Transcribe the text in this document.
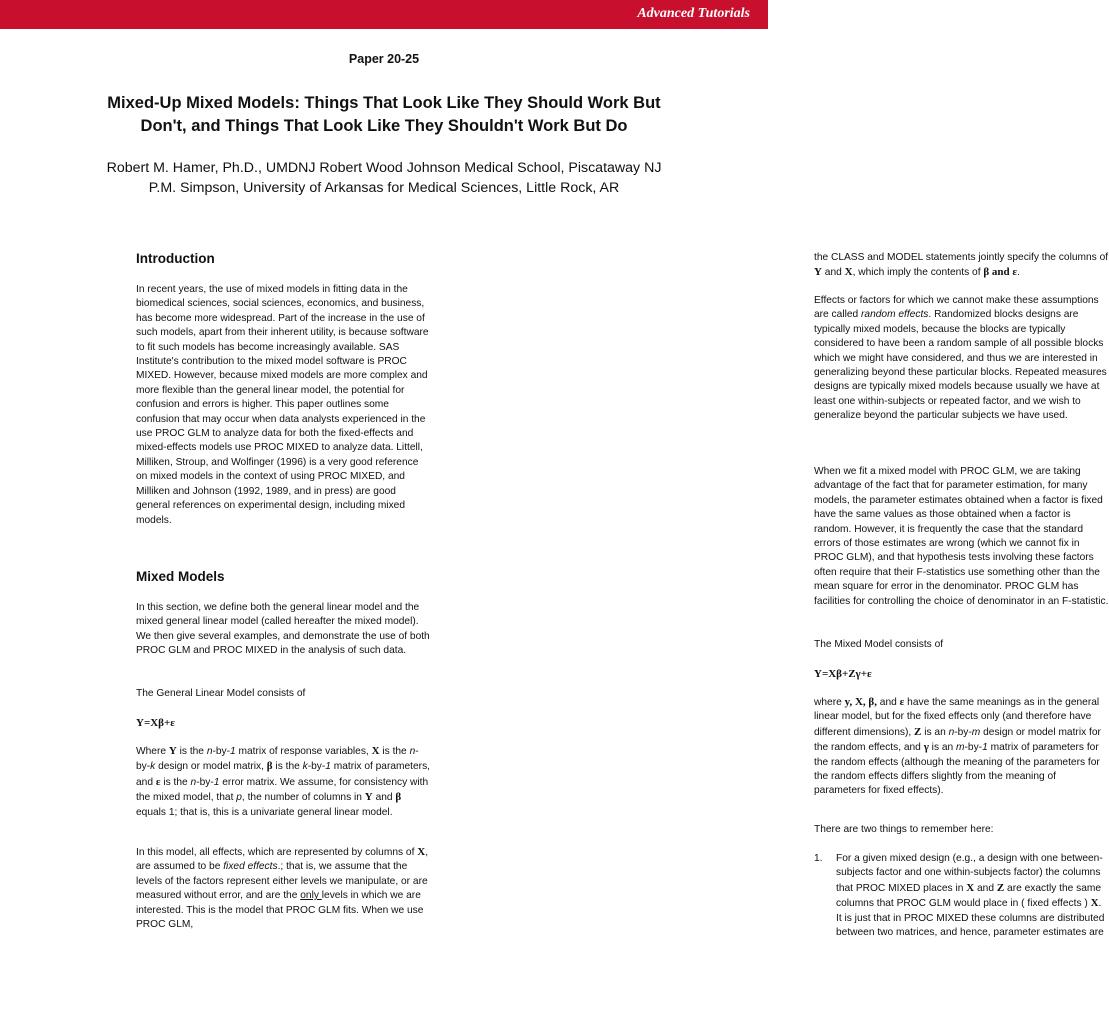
Advanced Tutorials
Paper 20-25
Mixed-Up Mixed Models: Things That Look Like They Should Work But
Don't, and Things That Look Like They Shouldn't Work But Do
Robert M. Hamer, Ph.D., UMDNJ Robert Wood Johnson Medical School, Piscataway NJ
P.M. Simpson, University of Arkansas for Medical Sciences, Little Rock, AR
Introduction

In recent years, the use of mixed models in fitting data in the biomedical sciences, social sciences, economics, and business, has become more widespread. Part of the increase in the use of such models, apart from their inherent utility, is because software to fit such models has become increasingly available. SAS Institute's contribution to the mixed model software is PROC MIXED. However, because mixed models are more complex and more flexible than the general linear model, the potential for confusion and errors is higher. This paper outlines some confusion that may occur when data analysts experienced in the use PROC GLM to analyze data for both the fixed-effects and mixed-effects models use PROC MIXED to analyze data. Littell, Milliken, Stroup, and Wolfinger (1996) is a very good reference on mixed models in the context of using PROC MIXED, and Milliken and Johnson (1992, 1989, and in press) are good general references on experimental design, including mixed models.

Mixed Models

In this section, we define both the general linear model and the mixed general linear model (called hereafter the mixed model). We then give several examples, and demonstrate the use of both PROC GLM and PROC MIXED in the analysis of such data.

The General Linear Model consists of

Y=Xβ+ε

Where Y is the n-by-1 matrix of response variables, X is the n-by-k design or model matrix, β is the k-by-1 matrix of parameters, and ε is the n-by-1 error matrix. We assume, for consistency with the mixed model, that p, the number of columns in Y and β equals 1; that is, this is a univariate general linear model.

In this model, all effects, which are represented by columns of X, are assumed to be fixed effects.; that is, we assume that the levels of the factors represent either levels we manipulate, or are measured without error, and are the only levels in which we are interested. This is the model that PROC GLM fits. When we use PROC GLM,

the CLASS and MODEL statements jointly specify the columns of Y and X, which imply the contents of β and ε.

Effects or factors for which we cannot make these assumptions are called random effects. Randomized blocks designs are typically mixed models, because the blocks are typically considered to have been a random sample of all possible blocks which we might have considered, and thus we are interested in generalizing beyond these particular blocks. Repeated measures designs are typically mixed models because usually we have at least one within-subjects or repeated factor, and we wish to generalize beyond the particular subjects we have used.

When we fit a mixed model with PROC GLM, we are taking advantage of the fact that for parameter estimation, for many models, the parameter estimates obtained when a factor is fixed have the same values as those obtained when a factor is random. However, it is frequently the case that the standard errors of those estimates are wrong (which we cannot fix in PROC GLM), and that hypothesis tests involving these factors often require that their F-statistics use something other than the mean square for error in the denominator. PROC GLM has facilities for controlling the choice of denominator in an F-statistic.

The Mixed Model consists of

Y=Xβ+Zγ+ε

where y, X, β, and ε have the same meanings as in the general linear model, but for the fixed effects only (and therefore have different dimensions), Z is an n-by-m design or model matrix for the random effects, and γ is an m-by-1 matrix of parameters for the random effects (although the meaning of the parameters for the random effects differs slightly from the meaning of parameters for fixed effects).

There are two things to remember here:

1. For a given mixed design (e.g., a design with one between-subjects factor and one within-subjects factor) the columns that PROC MIXED places in X and Z are exactly the same columns that PROC GLM would place in ( fixed effects ) X. It is just that in PROC MIXED these columns are distributed between two matrices, and hence, parameter estimates are
